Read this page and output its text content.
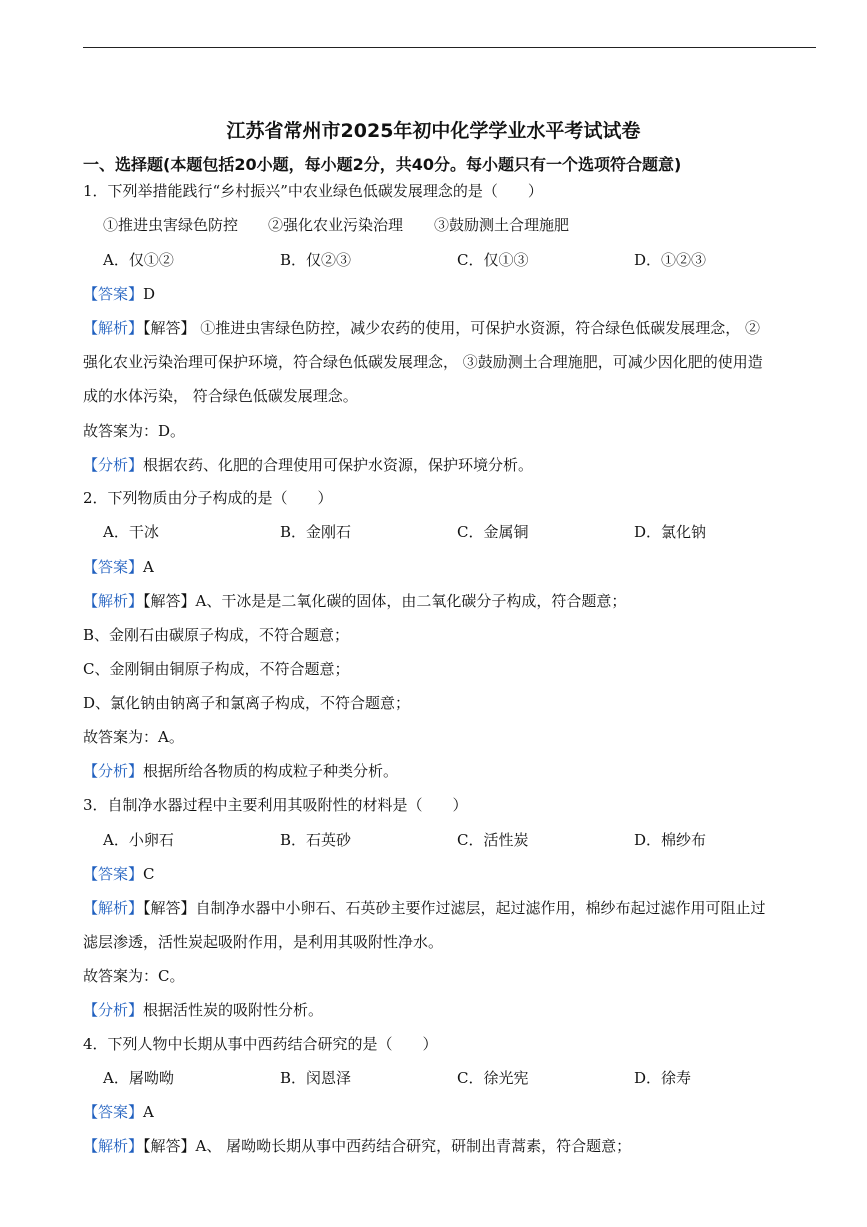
江苏省常州市2025年初中化学学业水平考试试卷
一、选择题(本题包括20小题，每小题2分，共40分。每小题只有一个选项符合题意)
1．下列举措能践行“乡村振兴”中农业绿色低碳发展理念的是（　　）
①推进虫害绿色防控 ②强化农业污染治理 ③鼓励测土合理施肥
A．仅①②	B．仅②③	C．仅①③	D．①②③
【答案】D
【解析】【解答】 ①推进虫害绿色防控，减少农药的使用，可保护水资源，符合绿色低碳发展理念， ②
强化农业污染治理可保护环境，符合绿色低碳发展理念， ③鼓励测土合理施肥，可减少因化肥的使用造
成的水体污染， 符合绿色低碳发展理念。
故答案为：D。
【分析】根据农药、化肥的合理使用可保护水资源，保护环境分析。
2．下列物质由分子构成的是（　　）
A．干冰	B．金刚石	C．金属铜	D．氯化钠
【答案】A
【解析】【解答】A、干冰是是二氧化碳的固体，由二氧化碳分子构成，符合题意；
B、金刚石由碳原子构成，不符合题意；
C、金刚铜由铜原子构成，不符合题意；
D、氯化钠由钠离子和氯离子构成，不符合题意；
故答案为：A。
【分析】根据所给各物质的构成粒子种类分析。
3．自制净水器过程中主要利用其吸附性的材料是（　　）
A．小卵石	B．石英砂	C．活性炭	D．棉纱布
【答案】C
【解析】【解答】自制净水器中小卵石、石英砂主要作过滤层，起过滤作用，棉纱布起过滤作用可阻止过
滤层渗透，活性炭起吸附作用，是利用其吸附性净水。
故答案为：C。
【分析】根据活性炭的吸附性分析。
4．下列人物中长期从事中西药结合研究的是（　　）
A．屠呦呦	B．闵恩泽	C．徐光宪	D．徐寿
【答案】A
【解析】【解答】A、 屠呦呦长期从事中西药结合研究，研制出青蒿素，符合题意；
